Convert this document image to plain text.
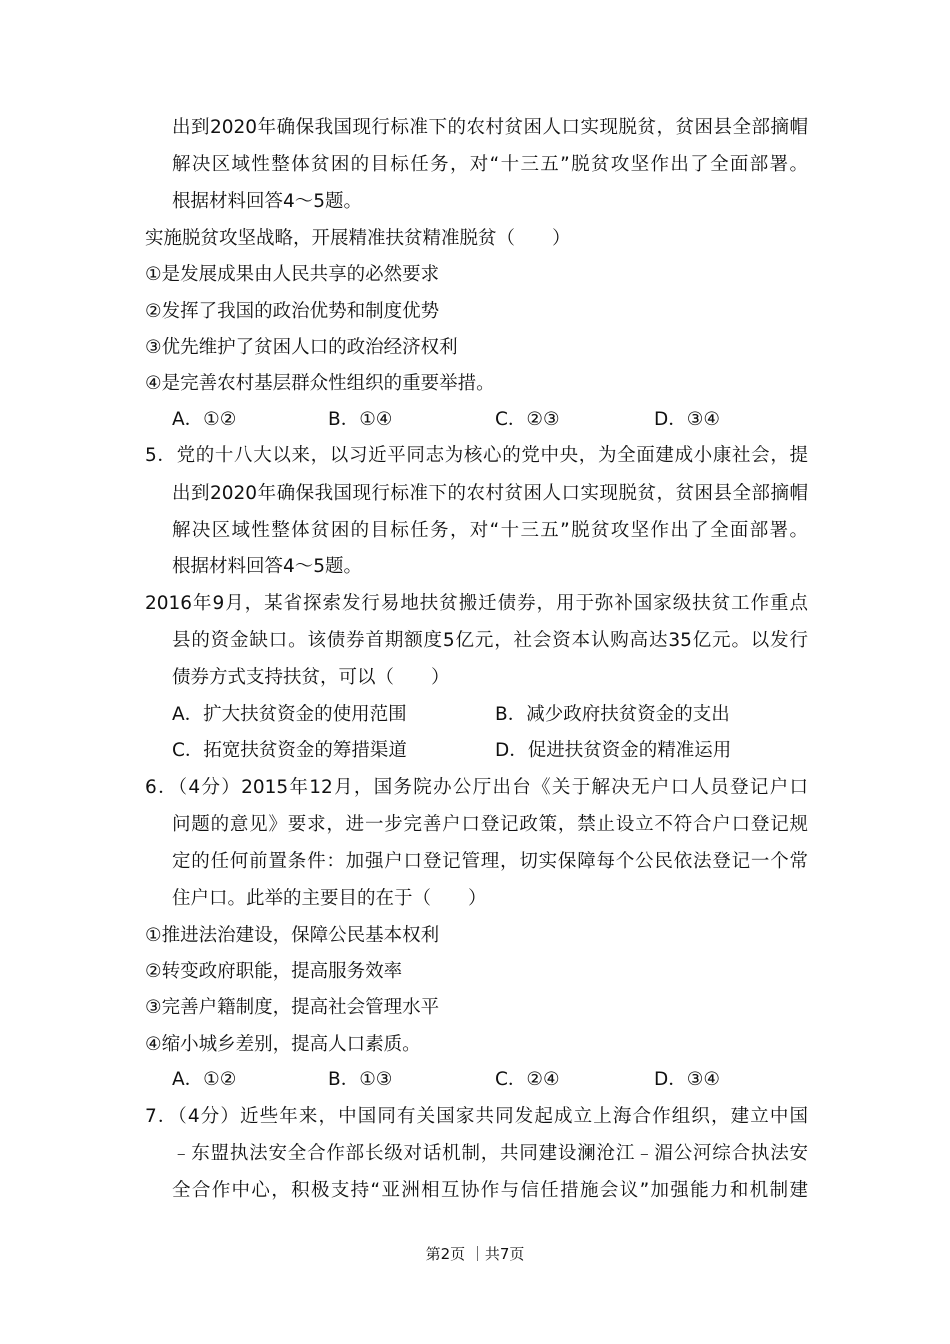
出到2020年确保我国现行标准下的农村贫困人口实现脱贫，贫困县全部摘帽
解决区域性整体贫困的目标任务，对“十三五”脱贫攻坚作出了全面部署。
根据材料回答4～5题。
实施脱贫攻坚战略，开展精准扶贫精准脱贫（　　）
①是发展成果由人民共享的必然要求
②发挥了我国的政治优势和制度优势
③优先维护了贫困人口的政治经济权利
④是完善农村基层群众性组织的重要举措。
A．①②	B．①④	C．②③	D．③④
5．党的十八大以来，以习近平同志为核心的党中央，为全面建成小康社会，提
出到2020年确保我国现行标准下的农村贫困人口实现脱贫，贫困县全部摘帽
解决区域性整体贫困的目标任务，对“十三五”脱贫攻坚作出了全面部署。
根据材料回答4～5题。
2016年9月，某省探索发行易地扶贫搬迁债券，用于弥补国家级扶贫工作重点
县的资金缺口。该债券首期额度5亿元，社会资本认购高达35亿元。以发行
债券方式支持扶贫，可以（　　）
A．扩大扶贫资金的使用范围	B．减少政府扶贫资金的支出
C．拓宽扶贫资金的筹措渠道	D．促进扶贫资金的精准运用
6．（4分）2015年12月，国务院办公厅出台《关于解决无户口人员登记户口
问题的意见》要求，进一步完善户口登记政策，禁止设立不符合户口登记规
定的任何前置条件：加强户口登记管理，切实保障每个公民依法登记一个常
住户口。此举的主要目的在于（　　）
①推进法治建设，保障公民基本权利
②转变政府职能，提高服务效率
③完善户籍制度，提高社会管理水平
④缩小城乡差别，提高人口素质。
A．①②	B．①③	C．②④	D．③④
7．（4分）近些年来，中国同有关国家共同发起成立上海合作组织，建立中国
﹣东盟执法安全合作部长级对话机制，共同建设澜沧江﹣湄公河综合执法安
全合作中心，积极支持“亚洲相互协作与信任措施会议”加强能力和机制建
第2页 ｜共7页
